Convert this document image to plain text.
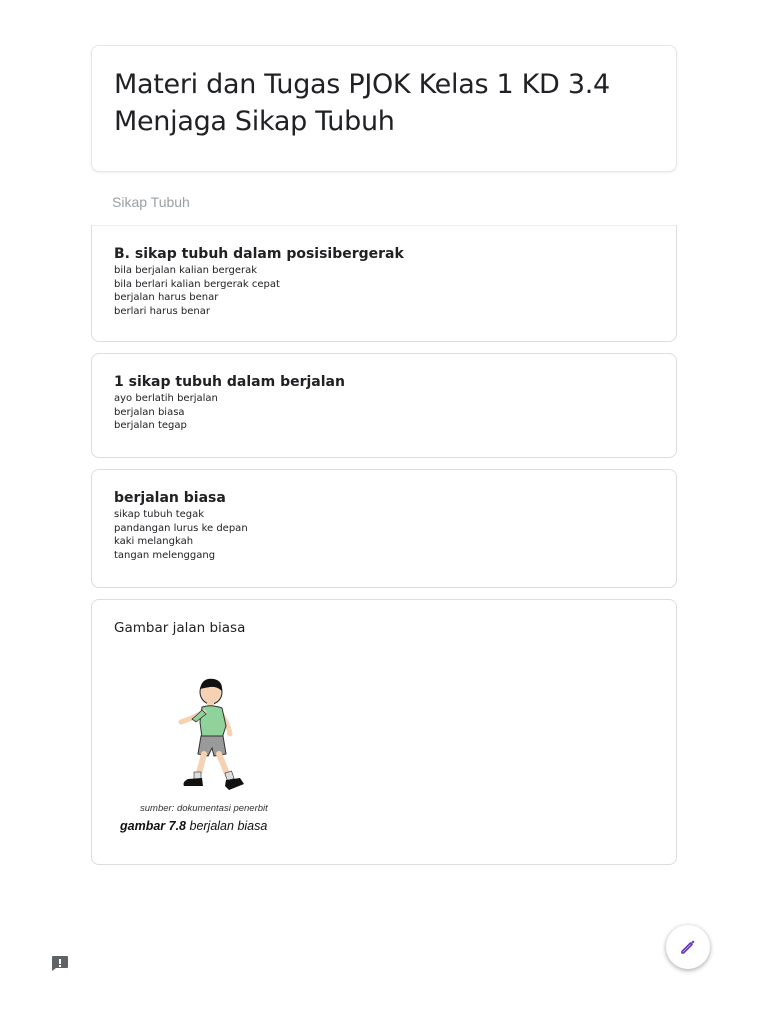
Materi dan Tugas PJOK Kelas 1 KD 3.4 Menjaga Sikap Tubuh
Sikap Tubuh
B. sikap tubuh dalam posisibergerak
bila berjalan kalian bergerak
bila berlari kalian bergerak cepat
berjalan harus benar
berlari harus benar
1 sikap tubuh dalam berjalan
ayo berlatih berjalan
berjalan biasa
berjalan tegap
berjalan biasa
sikap tubuh tegak
pandangan lurus ke depan
kaki melangkah
tangan melenggang
Gambar jalan biasa
sumber: dokumentasi penerbit
gambar 7.8 berjalan biasa
